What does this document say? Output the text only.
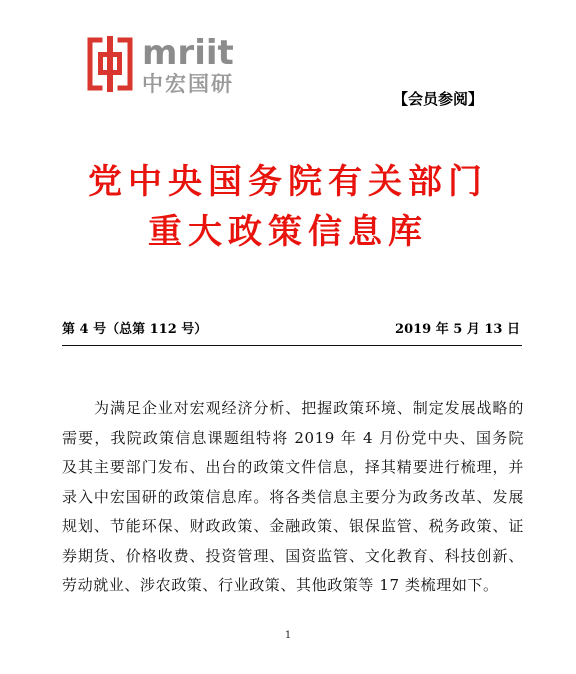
mriit
中宏国研
【会员参阅】
党中央国务院有关部门
重大政策信息库
第 4 号（总第 112 号）	2019 年 5 月 13 日

为满足企业对宏观经济分析、把握政策环境、制定发展战略的需要，我院政策信息课题组特将 2019 年 4 月份党中央、国务院及其主要部门发布、出台的政策文件信息，择其精要进行梳理，并录入中宏国研的政策信息库。将各类信息主要分为政务改革、发展规划、节能环保、财政政策、金融政策、银保监管、税务政策、证券期货、价格收费、投资管理、国资监管、文化教育、科技创新、劳动就业、涉农政策、行业政策、其他政策等 17 类梳理如下。

1
